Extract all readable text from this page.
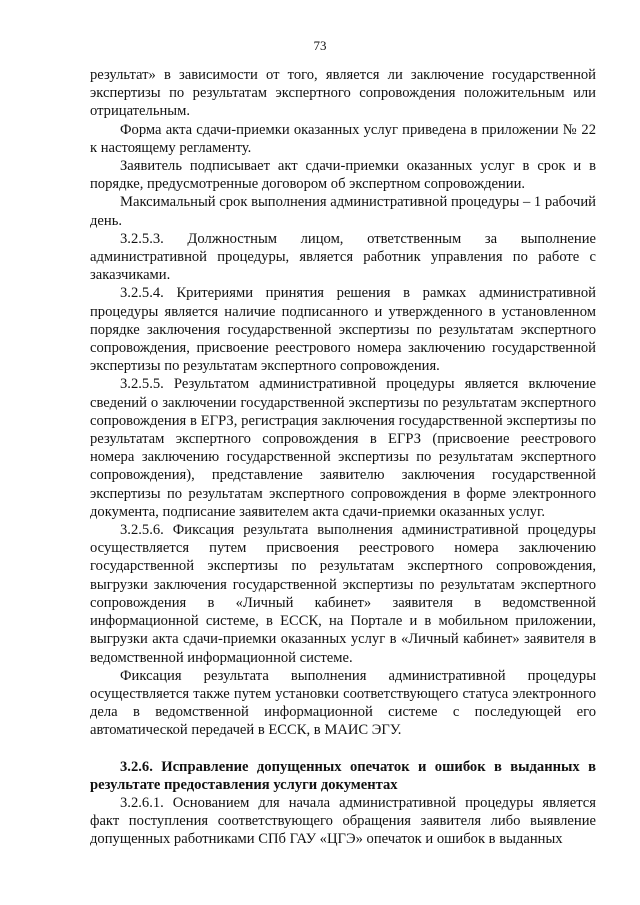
73

результат» в зависимости от того, является ли заключение государственной экспертизы по результатам экспертного сопровождения положительным или отрицательным.

Форма акта сдачи-приемки оказанных услуг приведена в приложении № 22 к настоящему регламенту.

Заявитель подписывает акт сдачи-приемки оказанных услуг в срок и в порядке, предусмотренные договором об экспертном сопровождении.

Максимальный срок выполнения административной процедуры – 1 рабочий день.

3.2.5.3. Должностным лицом, ответственным за выполнение административной процедуры, является работник управления по работе с заказчиками.

3.2.5.4. Критериями принятия решения в рамках административной процедуры является наличие подписанного и утвержденного в установленном порядке заключения государственной экспертизы по результатам экспертного сопровождения, присвоение реестрового номера заключению государственной экспертизы по результатам экспертного сопровождения.

3.2.5.5. Результатом административной процедуры является включение сведений о заключении государственной экспертизы по результатам экспертного сопровождения в ЕГРЗ, регистрация заключения государственной экспертизы по результатам экспертного сопровождения в ЕГРЗ (присвоение реестрового номера заключению государственной экспертизы по результатам экспертного сопровождения), представление заявителю заключения государственной экспертизы по результатам экспертного сопровождения в форме электронного документа, подписание заявителем акта сдачи-приемки оказанных услуг.

3.2.5.6. Фиксация результата выполнения административной процедуры осуществляется путем присвоения реестрового номера заключению государственной экспертизы по результатам экспертного сопровождения, выгрузки заключения государственной экспертизы по результатам экспертного сопровождения в «Личный кабинет» заявителя в ведомственной информационной системе, в ЕССК, на Портале и в мобильном приложении, выгрузки акта сдачи-приемки оказанных услуг в «Личный кабинет» заявителя в ведомственной информационной системе.

Фиксация результата выполнения административной процедуры осуществляется также путем установки соответствующего статуса электронного дела в ведомственной информационной системе с последующей его автоматической передачей в ЕССК, в МАИС ЭГУ.

3.2.6. Исправление допущенных опечаток и ошибок в выданных в результате предоставления услуги документах

3.2.6.1. Основанием для начала административной процедуры является факт поступления соответствующего обращения заявителя либо выявление допущенных работниками СПб ГАУ «ЦГЭ» опечаток и ошибок в выданных
